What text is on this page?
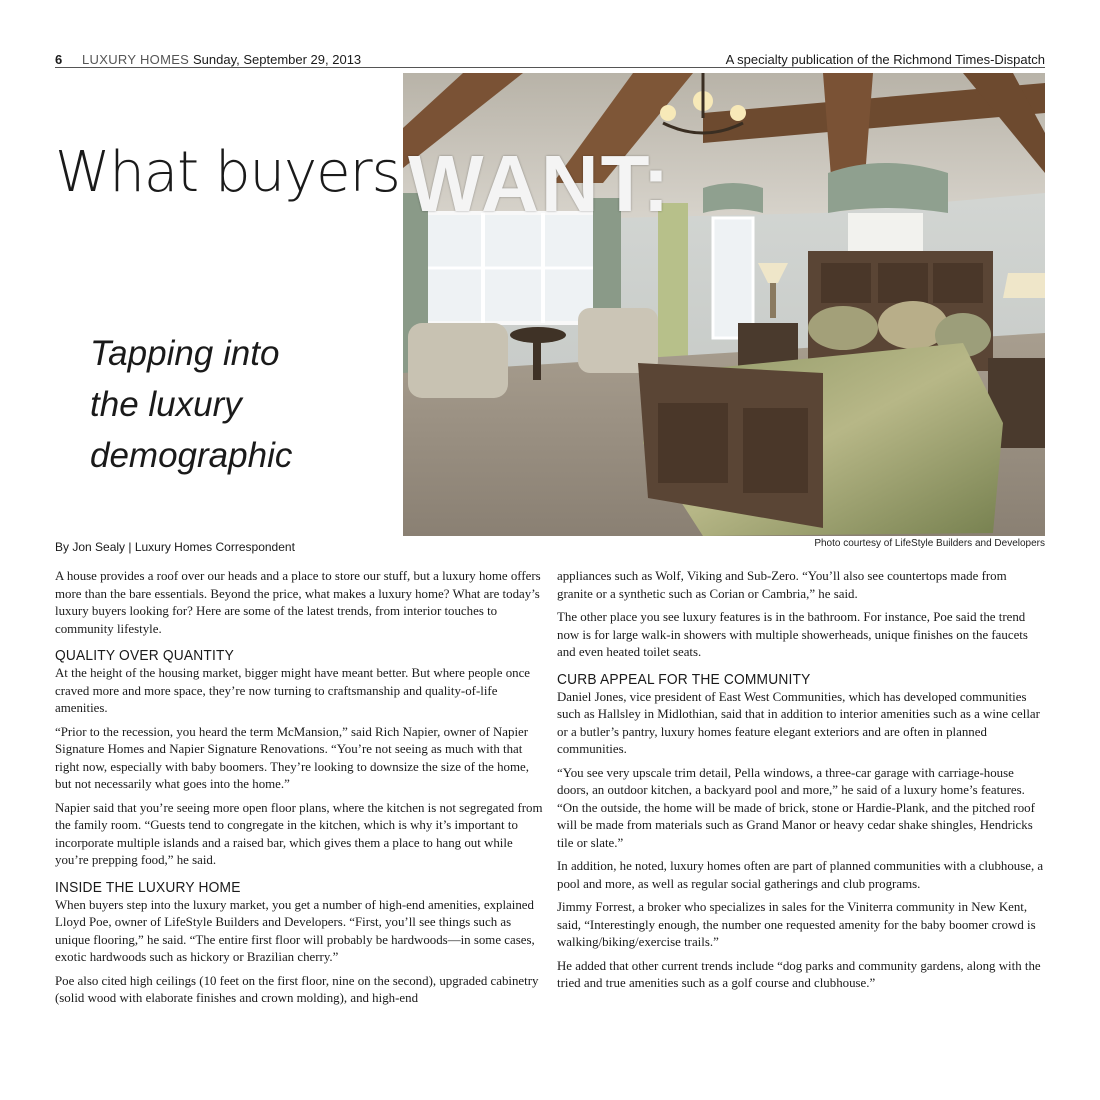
6 LUXURY HOMES Sunday, September 29, 2013	A specialty publication of the Richmond Times-Dispatch
Photo courtesy of LifeStyle Builders and Developers
What buyers WANT:
Tapping into
the luxury
demographic
By Jon Sealy | Luxury Homes Correspondent

A house provides a roof over our heads and a place to store our stuff, but a luxury home offers more than the bare essentials. Beyond the price, what makes a luxury home? What are today’s luxury buyers looking for? Here are some of the latest trends, from interior touches to community lifestyle.

QUALITY OVER QUANTITY

At the height of the housing market, bigger might have meant better. But where people once craved more and more space, they’re now turning to craftsmanship and quality-of-life amenities.

“Prior to the recession, you heard the term McMansion,” said Rich Napier, owner of Napier Signature Homes and Napier Signature Renovations. “You’re not seeing as much with that right now, especially with baby boomers. They’re looking to downsize the size of the home, but not necessarily what goes into the home.”

Napier said that you’re seeing more open floor plans, where the kitchen is not segregated from the family room. “Guests tend to congregate in the kitchen, which is why it’s important to incorporate multiple islands and a raised bar, which gives them a place to hang out while you’re prepping food,” he said.

INSIDE THE LUXURY HOME

When buyers step into the luxury market, you get a number of high-end amenities, explained Lloyd Poe, owner of LifeStyle Builders and Developers. “First, you’ll see things such as unique flooring,” he said. “The entire first floor will probably be hardwoods—in some cases, exotic hardwoods such as hickory or Brazilian cherry.”

Poe also cited high ceilings (10 feet on the first floor, nine on the second), upgraded cabinetry (solid wood with elaborate finishes and crown molding), and high-end

appliances such as Wolf, Viking and Sub-Zero. “You’ll also see countertops made from granite or a synthetic such as Corian or Cambria,” he said.

The other place you see luxury features is in the bathroom. For instance, Poe said the trend now is for large walk-in showers with multiple showerheads, unique finishes on the faucets and even heated toilet seats.

CURB APPEAL FOR THE COMMUNITY

Daniel Jones, vice president of East West Communities, which has developed communities such as Hallsley in Midlothian, said that in addition to interior amenities such as a wine cellar or a butler’s pantry, luxury homes feature elegant exteriors and are often in planned communities.

“You see very upscale trim detail, Pella windows, a three-car garage with carriage-house doors, an outdoor kitchen, a backyard pool and more,” he said of a luxury home’s features. “On the outside, the home will be made of brick, stone or Hardie-Plank, and the pitched roof will be made from materials such as Grand Manor or heavy cedar shake shingles, Hendricks tile or slate.”

In addition, he noted, luxury homes often are part of planned communities with a clubhouse, a pool and more, as well as regular social gatherings and club programs.

Jimmy Forrest, a broker who specializes in sales for the Viniterra community in New Kent, said, “Interestingly enough, the number one requested amenity for the baby boomer crowd is walking/biking/exercise trails.”

He added that other current trends include “dog parks and community gardens, along with the tried and true amenities such as a golf course and clubhouse.”
